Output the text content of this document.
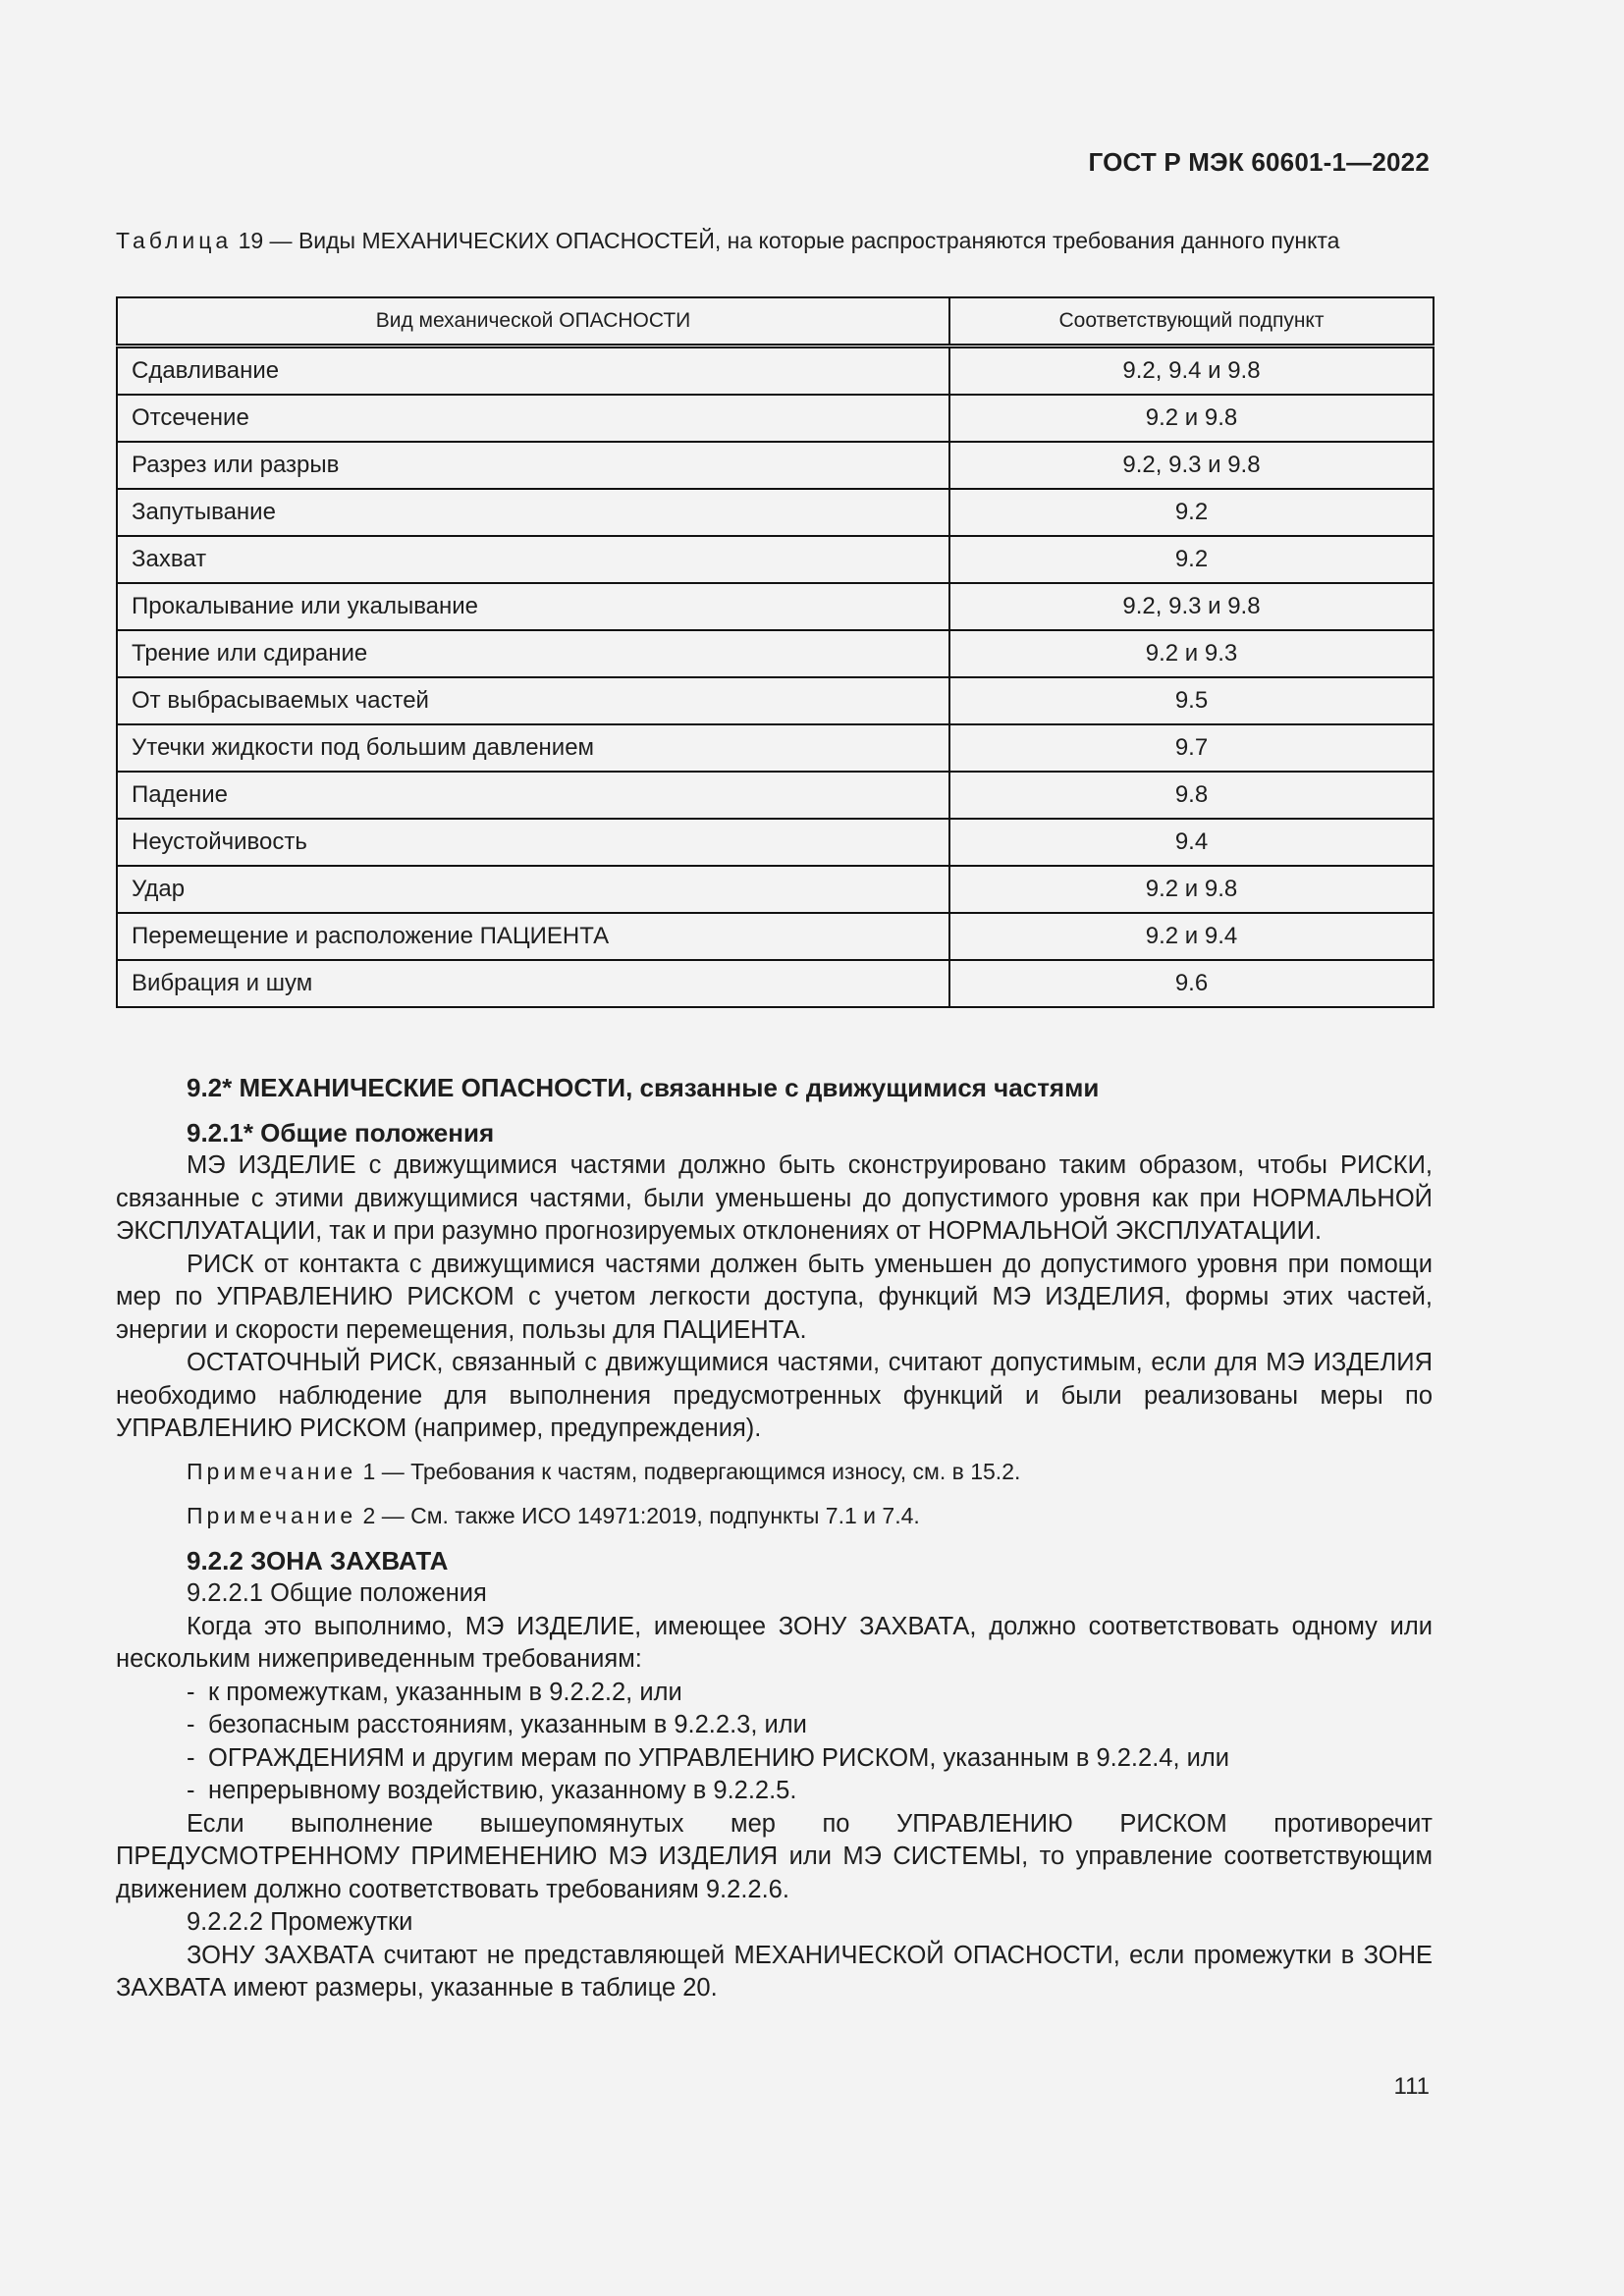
ГОСТ Р МЭК 60601-1—2022
Таблица 19 — Виды МЕХАНИЧЕСКИХ ОПАСНОСТЕЙ, на которые распространяются требования данного пункта
Вид механической ОПАСНОСТИ	Соответствующий подпункт
Сдавливание	9.2, 9.4 и 9.8
Отсечение	9.2 и 9.8
Разрез или разрыв	9.2, 9.3 и 9.8
Запутывание	9.2
Захват	9.2
Прокалывание или укалывание	9.2, 9.3 и 9.8
Трение или сдирание	9.2 и 9.3
От выбрасываемых частей	9.5
Утечки жидкости под большим давлением	9.7
Падение	9.8
Неустойчивость	9.4
Удар	9.2 и 9.8
Перемещение и расположение ПАЦИЕНТА	9.2 и 9.4
Вибрация и шум	9.6

9.2* МЕХАНИЧЕСКИЕ ОПАСНОСТИ, связанные с движущимися частями

9.2.1* Общие положения

МЭ ИЗДЕЛИЕ с движущимися частями должно быть сконструировано таким образом, чтобы РИСКИ, связанные с этими движущимися частями, были уменьшены до допустимого уровня как при НОРМАЛЬНОЙ ЭКСПЛУАТАЦИИ, так и при разумно прогнозируемых отклонениях от НОРМАЛЬНОЙ ЭКСПЛУАТАЦИИ.

РИСК от контакта с движущимися частями должен быть уменьшен до допустимого уровня при помощи мер по УПРАВЛЕНИЮ РИСКОМ с учетом легкости доступа, функций МЭ ИЗДЕЛИЯ, формы этих частей, энергии и скорости перемещения, пользы для ПАЦИЕНТА.

ОСТАТОЧНЫЙ РИСК, связанный с движущимися частями, считают допустимым, если для МЭ ИЗДЕЛИЯ необходимо наблюдение для выполнения предусмотренных функций и были реализованы меры по УПРАВЛЕНИЮ РИСКОМ (например, предупреждения).

Примечание 1 — Требования к частям, подвергающимся износу, см. в 15.2.

Примечание 2 — См. также ИСО 14971:2019, подпункты 7.1 и 7.4.

9.2.2 ЗОНА ЗАХВАТА

9.2.2.1 Общие положения

Когда это выполнимо, МЭ ИЗДЕЛИЕ, имеющее ЗОНУ ЗАХВАТА, должно соответствовать одному или нескольким нижеприведенным требованиям:

- к промежуткам, указанным в 9.2.2.2, или
- безопасным расстояниям, указанным в 9.2.2.3, или
- ОГРАЖДЕНИЯМ и другим мерам по УПРАВЛЕНИЮ РИСКОМ, указанным в 9.2.2.4, или
- непрерывному воздействию, указанному в 9.2.2.5.

Если выполнение вышеупомянутых мер по УПРАВЛЕНИЮ РИСКОМ противоречит ПРЕДУСМОТРЕННОМУ ПРИМЕНЕНИЮ МЭ ИЗДЕЛИЯ или МЭ СИСТЕМЫ, то управление соответствующим движением должно соответствовать требованиям 9.2.2.6.

9.2.2.2 Промежутки

ЗОНУ ЗАХВАТА считают не представляющей МЕХАНИЧЕСКОЙ ОПАСНОСТИ, если промежутки в ЗОНЕ ЗАХВАТА имеют размеры, указанные в таблице 20.

111
